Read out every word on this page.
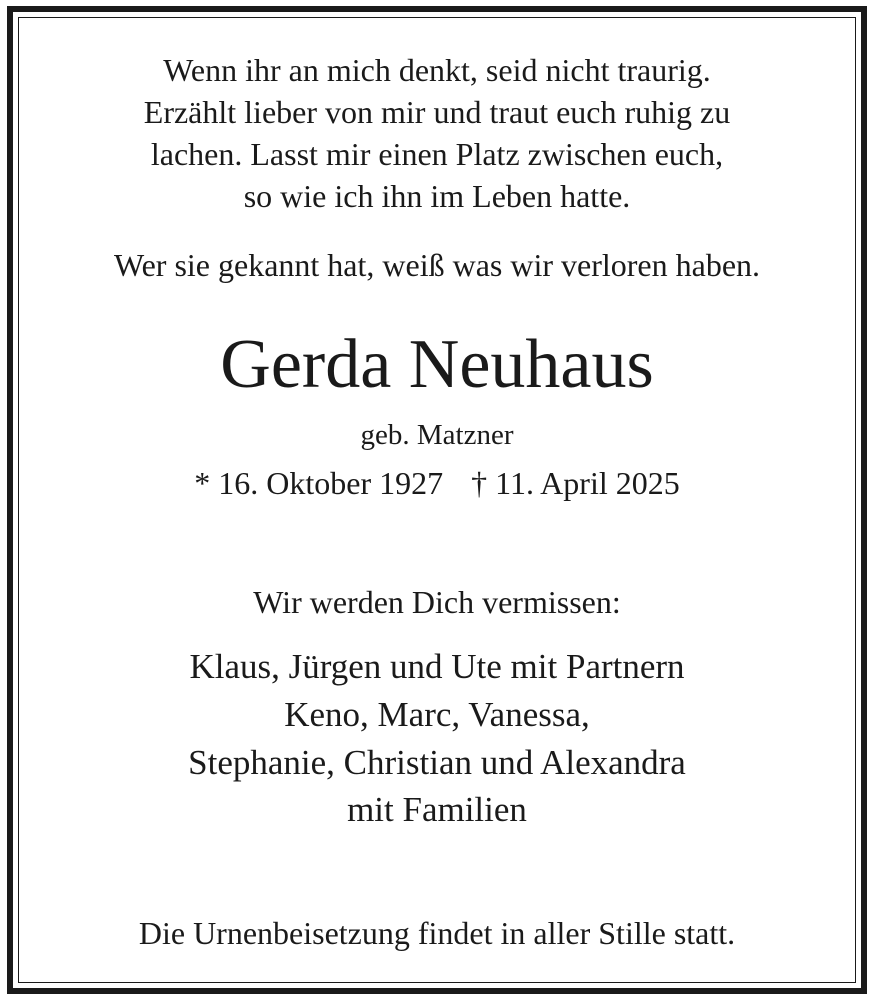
Wenn ihr an mich denkt, seid nicht traurig.

Erzählt lieber von mir und traut euch ruhig zu

lachen. Lasst mir einen Platz zwischen euch,

so wie ich ihn im Leben hatte.

Wer sie gekannt hat, weiß was wir verloren haben.

Gerda Neuhaus

geb. Matzner

* 16. Oktober 1927 † 11. April 2025

Wir werden Dich vermissen:

Klaus, Jürgen und Ute mit Partnern

Keno, Marc, Vanessa,

Stephanie, Christian und Alexandra

mit Familien

Die Urnenbeisetzung findet in aller Stille statt.
